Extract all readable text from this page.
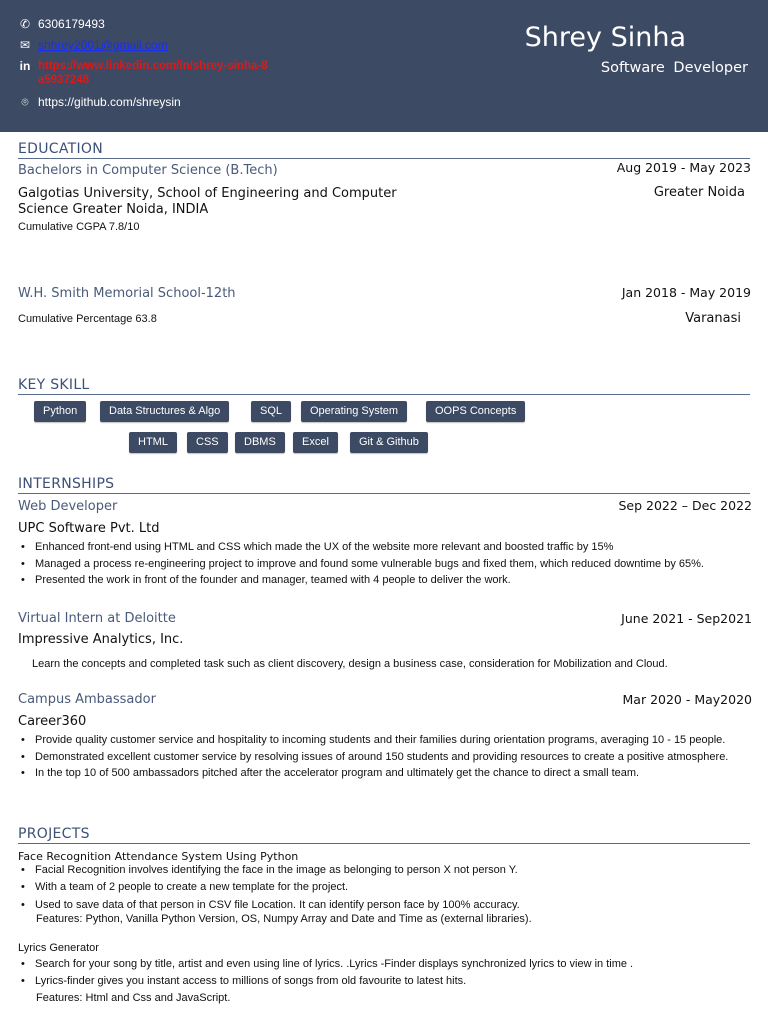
✆ 6306179493
✉ shhrey2001@gmail.com
in https://www.linkedin.com/in/shrey-sinha-8a5937248
⌾ https://github.com/shreysin
Shrey Sinha
Software Developer
EDUCATION
Bachelors in Computer Science (B.Tech)	Aug 2019 - May 2023
Galgotias University, School of Engineering and Computer
Science Greater Noida, INDIA
Greater Noida
Cumulative CGPA 7.8/10
W.H. Smith Memorial School-12th	Jan 2018 - May 2019
Cumulative Percentage 63.8	Varanasi
KEY SKILL
Python	Data Structures & Algo	SQL	Operating System	OOPS Concepts
HTML	CSS	DBMS	Excel	Git & Github
INTERNSHIPS
Web Developer	Sep 2022 – Dec 2022
UPC Software Pvt. Ltd
• Enhanced front-end using HTML and CSS which made the UX of the website more relevant and boosted traffic by 15%
• Managed a process re-engineering project to improve and found some vulnerable bugs and fixed them, which reduced downtime by 65%.
• Presented the work in front of the founder and manager, teamed with 4 people to deliver the work.
Virtual Intern at Deloitte	June 2021 - Sep2021
Impressive Analytics, Inc.
Learn the concepts and completed task such as client discovery, design a business case, consideration for Mobilization and Cloud.
Campus Ambassador	Mar 2020 - May2020
Career360
• Provide quality customer service and hospitality to incoming students and their families during orientation programs, averaging 10 - 15 people.
• Demonstrated excellent customer service by resolving issues of around 150 students and providing resources to create a positive atmosphere.
• In the top 10 of 500 ambassadors pitched after the accelerator program and ultimately get the chance to direct a small team.
PROJECTS
Face Recognition Attendance System Using Python
• Facial Recognition involves identifying the face in the image as belonging to person X not person Y.
• With a team of 2 people to create a new template for the project.
• Used to save data of that person in CSV file Location. It can identify person face by 100% accuracy.
Features: Python, Vanilla Python Version, OS, Numpy Array and Date and Time as (external libraries).
Lyrics Generator
• Search for your song by title, artist and even using line of lyrics. .Lyrics -Finder displays synchronized lyrics to view in time .
• Lyrics-finder gives you instant access to millions of songs from old favourite to latest hits.
Features: Html and Css and JavaScript.
